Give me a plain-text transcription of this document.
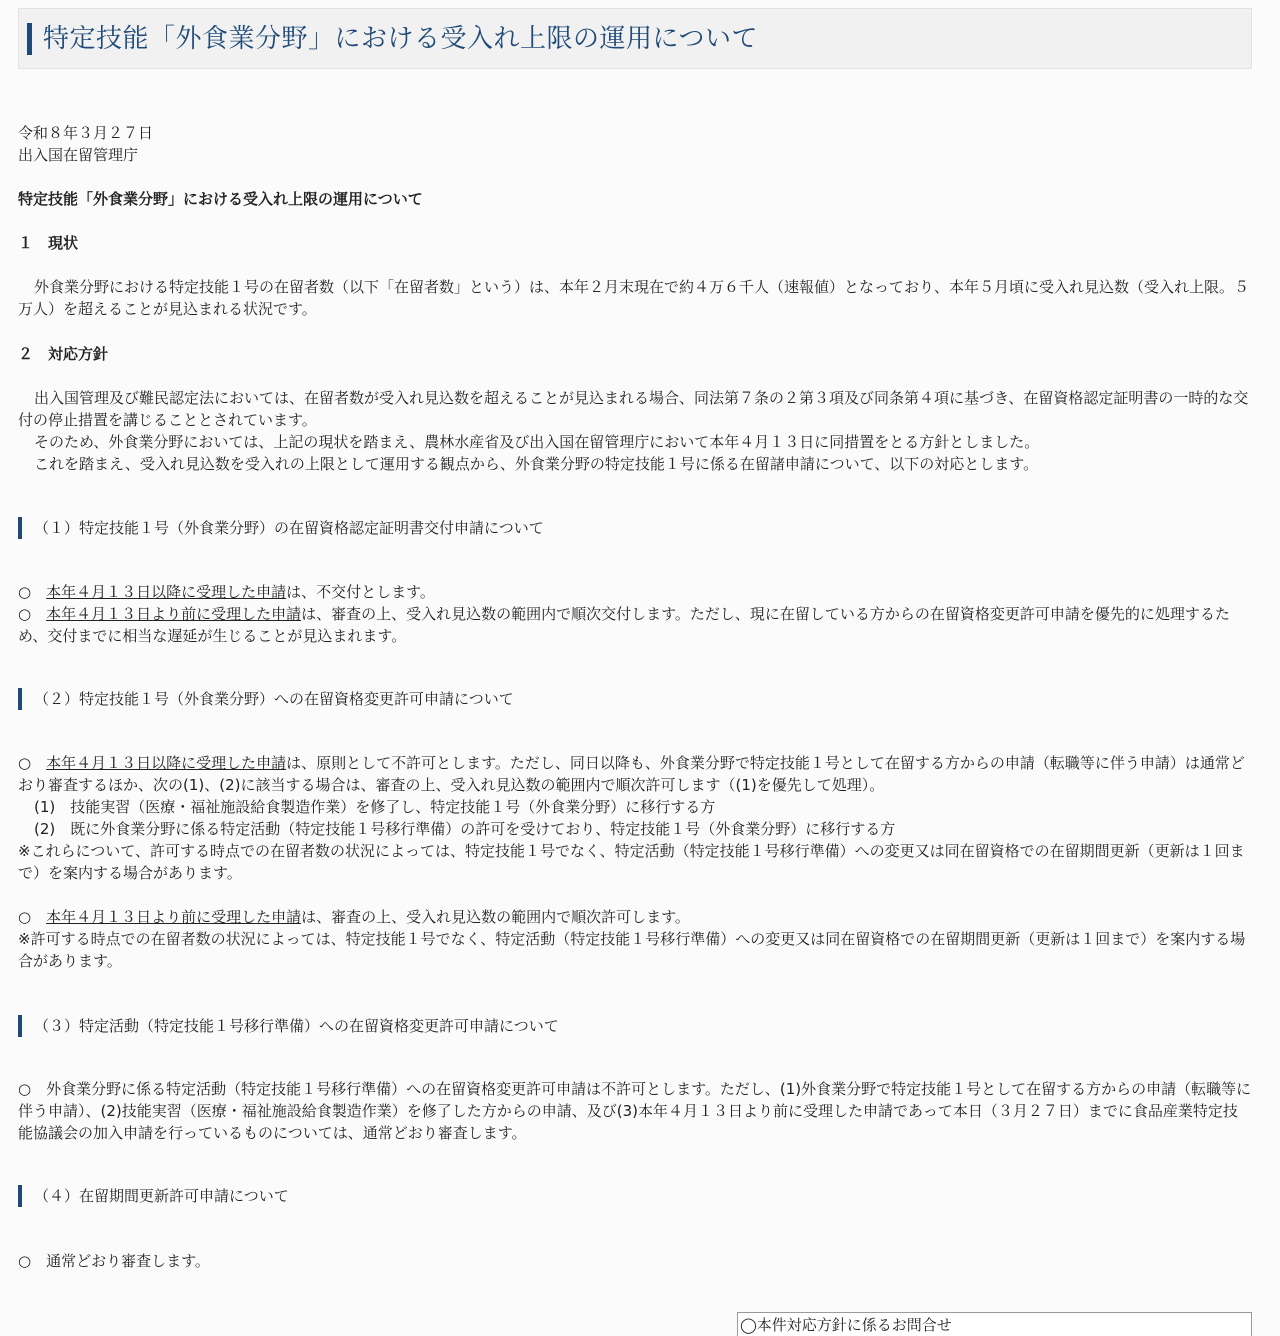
特定技能「外食業分野」における受入れ上限の運用について
令和８年３月２７日
出入国在留管理庁
特定技能「外食業分野」における受入れ上限の運用について
１　現状
外食業分野における特定技能１号の在留者数（以下「在留者数」という）は、本年２月末現在で約４万６千人（速報値）となっており、本年５月頃に受入れ見込数（受入れ上限。５万人）を超えることが見込まれる状況です。
２　対応方針
出入国管理及び難民認定法においては、在留者数が受入れ見込数を超えることが見込まれる場合、同法第７条の２第３項及び同条第４項に基づき、在留資格認定証明書の一時的な交付の停止措置を講じることとされています。
そのため、外食業分野においては、上記の現状を踏まえ、農林水産省及び出入国在留管理庁において本年４月１３日に同措置をとる方針としました。
これを踏まえ、受入れ見込数を受入れの上限として運用する観点から、外食業分野の特定技能１号に係る在留諸申請について、以下の対応とします。
（１）特定技能１号（外食業分野）の在留資格認定証明書交付申請について
○　本年４月１３日以降に受理した申請は、不交付とします。
○　本年４月１３日より前に受理した申請は、審査の上、受入れ見込数の範囲内で順次交付します。ただし、現に在留している方からの在留資格変更許可申請を優先的に処理するため、交付までに相当な遅延が生じることが見込まれます。
（２）特定技能１号（外食業分野）への在留資格変更許可申請について
○　本年４月１３日以降に受理した申請は、原則として不許可とします。ただし、同日以降も、外食業分野で特定技能１号として在留する方からの申請（転職等に伴う申請）は通常どおり審査するほか、次の(1)、(2)に該当する場合は、審査の上、受入れ見込数の範囲内で順次許可します（(1)を優先して処理）。
(1)　技能実習（医療・福祉施設給食製造作業）を修了し、特定技能１号（外食業分野）に移行する方
(2)　既に外食業分野に係る特定活動（特定技能１号移行準備）の許可を受けており、特定技能１号（外食業分野）に移行する方
※これらについて、許可する時点での在留者数の状況によっては、特定技能１号でなく、特定活動（特定技能１号移行準備）への変更又は同在留資格での在留期間更新（更新は１回まで）を案内する場合があります。
○　本年４月１３日より前に受理した申請は、審査の上、受入れ見込数の範囲内で順次許可します。
※許可する時点での在留者数の状況によっては、特定技能１号でなく、特定活動（特定技能１号移行準備）への変更又は同在留資格での在留期間更新（更新は１回まで）を案内する場合があります。
（３）特定活動（特定技能１号移行準備）への在留資格変更許可申請について
○　外食業分野に係る特定活動（特定技能１号移行準備）への在留資格変更許可申請は不許可とします。ただし、(1)外食業分野で特定技能１号として在留する方からの申請（転職等に伴う申請）、(2)技能実習（医療・福祉施設給食製造作業）を修了した方からの申請、及び(3)本年４月１３日より前に受理した申請であって本日（３月２７日）までに食品産業特定技能協議会の加入申請を行っているものについては、通常どおり審査します。
（４）在留期間更新許可申請について
○　通常どおり審査します。
◯本件対応方針に係るお問合せ
